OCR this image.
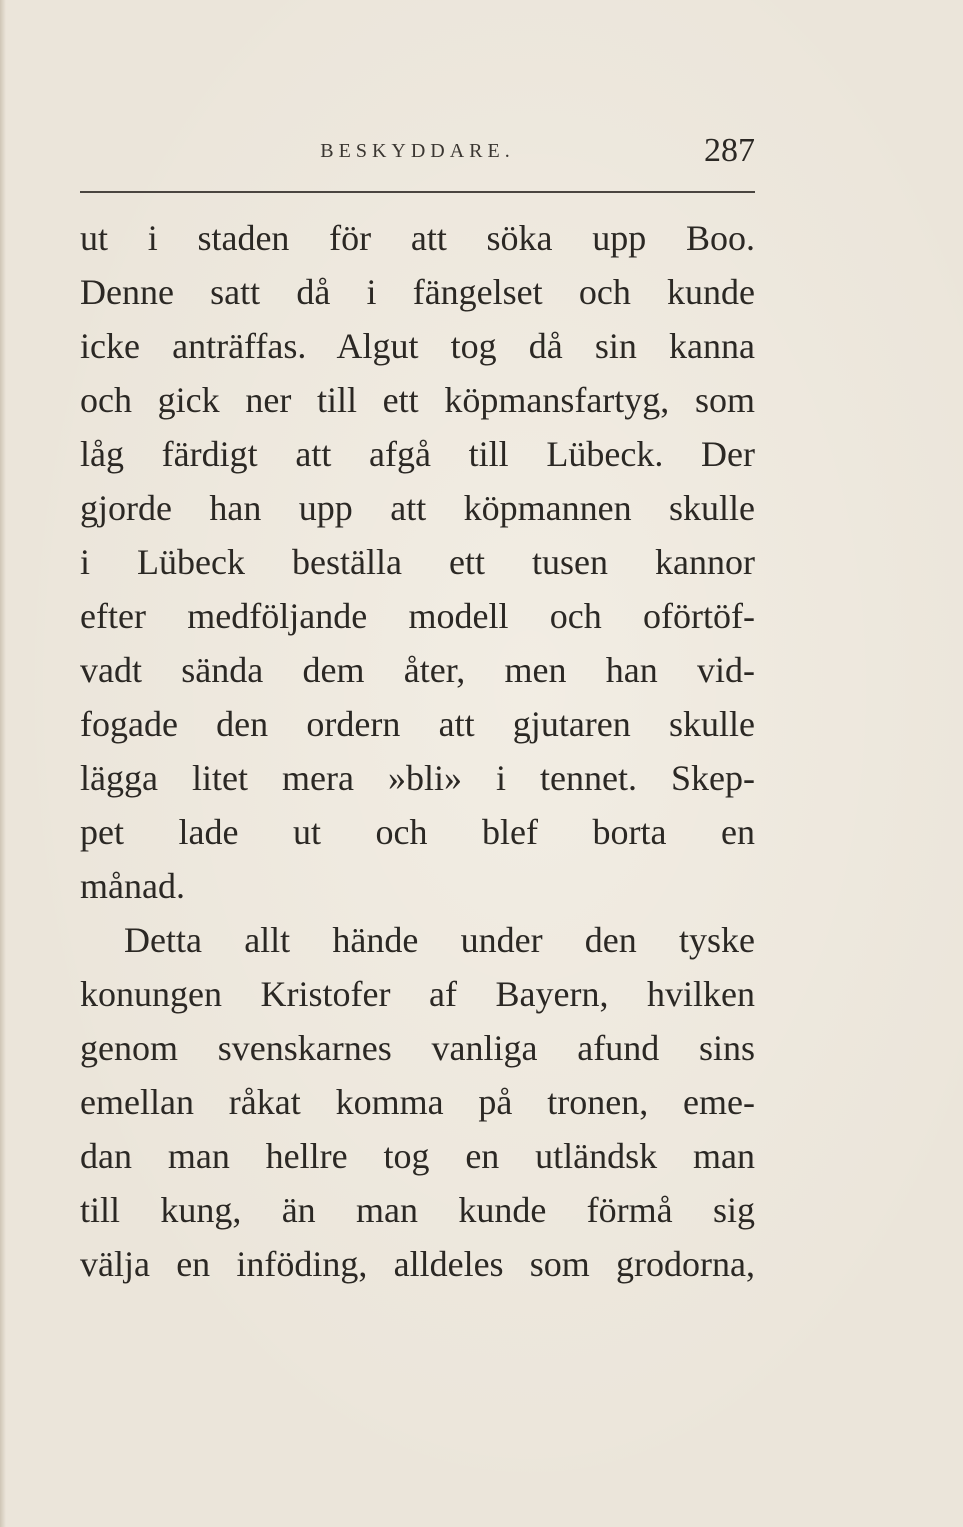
BESKYDDARE.	287
ut i staden för att söka upp Boo.
Denne satt då i fängelset och kunde
icke anträffas. Algut tog då sin kanna
och gick ner till ett köpmansfartyg, som
låg färdigt att afgå till Lübeck. Der
gjorde han upp att köpmannen skulle
i Lübeck beställa ett tusen kannor
efter medföljande modell och oförtöf-
vadt sända dem åter, men han vid-
fogade den ordern att gjutaren skulle
lägga litet mera »bli» i tennet. Skep-
pet lade ut och blef borta en
månad.
Detta allt hände under den tyske
konungen Kristofer af Bayern, hvilken
genom svenskarnes vanliga afund sins
emellan råkat komma på tronen, eme-
dan man hellre tog en utländsk man
till kung, än man kunde förmå sig
välja en inföding, alldeles som grodorna,
